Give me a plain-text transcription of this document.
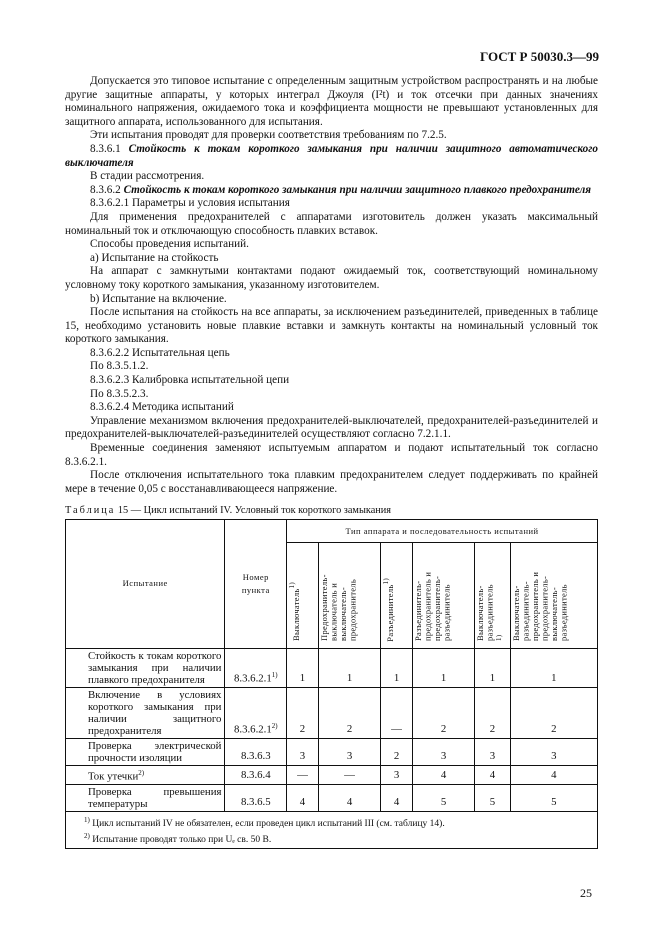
ГОСТ Р 50030.3—99

Допускается это типовое испытание с определенным защитным устройством распространять и на любые другие защитные аппараты, у которых интеграл Джоуля (I²t) и ток отсечки при данных значениях номинального напряжения, ожидаемого тока и коэффициента мощности не превышают установленных для защитного аппарата, использованного для испытания.

Эти испытания проводят для проверки соответствия требованиям по 7.2.5.

8.3.6.1 Стойкость к токам короткого замыкания при наличии защитного автоматического выключателя

В стадии рассмотрения.

8.3.6.2 Стойкость к токам короткого замыкания при наличии защитного плавкого предохранителя

8.3.6.2.1 Параметры и условия испытания

Для применения предохранителей с аппаратами изготовитель должен указать максимальный номинальный ток и отключающую способность плавких вставок.

Способы проведения испытаний.

a) Испытание на стойкость

На аппарат с замкнутыми контактами подают ожидаемый ток, соответствующий номинальному условному току короткого замыкания, указанному изготовителем.

b) Испытание на включение.

После испытания на стойкость на все аппараты, за исключением разъединителей, приведенных в таблице 15, необходимо установить новые плавкие вставки и замкнуть контакты на номинальный условный ток короткого замыкания.

8.3.6.2.2 Испытательная цепь

По 8.3.5.1.2.

8.3.6.2.3 Калибровка испытательной цепи

По 8.3.5.2.3.

8.3.6.2.4 Методика испытаний

Управление механизмом включения предохранителей-выключателей, предохранителей-разъединителей и предохранителей-выключателей-разъединителей осуществляют согласно 7.2.1.1.

Временные соединения заменяют испытуемым аппаратом и подают испытательный ток согласно 8.3.6.2.1.

После отключения испытательного тока плавким предохранителем следует поддерживать по крайней мере в течение 0,05 с восстанавливающееся напряжение.

Таблица 15 — Цикл испытаний IV. Условный ток короткого замыкания
Испытание	Номер пункта	Тип аппарата и последовательность испытаний					
		Выключатель$^{1)}$	Предохранитель-выключатель и выключатель-предохранитель	Разъединитель$^{1)}$	Разъединитель-предохранитель и предохранитель-разъединитель	Выключатель-разъединитель$^{1)}$	Выключатель-разъединитель-предохранитель и предохранитель-выключатель-разъединитель
Стойкость к токам короткого замыкания при наличии плавкого предохранителя	8.3.6.2.1$^{1)}$	1	1	1	1	1	1
Включение в условиях короткого замыкания при наличии защитного предохранителя	8.3.6.2.1$^{2)}$	2	2	—	2	2	2
Проверка электрической прочности изоляции	8.3.6.3	3	3	2	3	3	3
Ток утечки$^{2)}$	8.3.6.4	—	—	3	4	4	4
Проверка превышения температуры	8.3.6.5	4	4	4	5	5	5

$^{1)}$ Цикл испытаний IV не обязателен, если проведен цикл испытаний III (см. таблицу 14).
$^{2)}$ Испытание проводят только при Uₑ св. 50 В.							
25
